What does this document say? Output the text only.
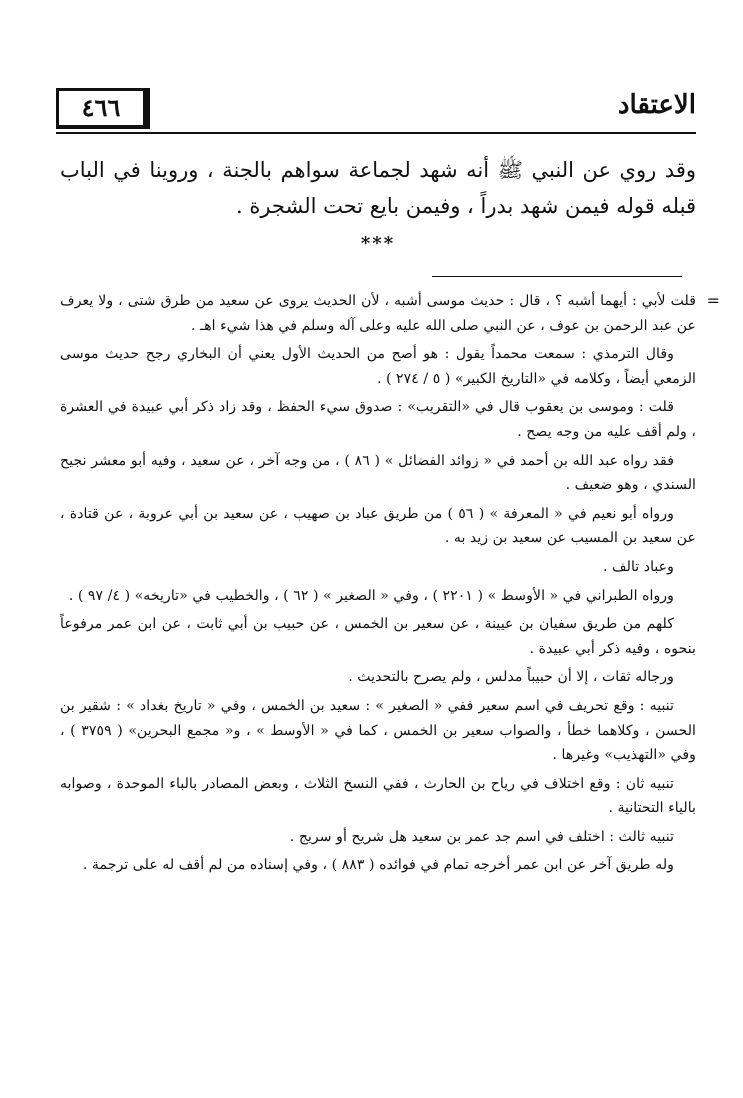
الاعتقاد
٤٦٦

وقد روي عن النبي ﷺ أنه شهد لجماعة سواهم بالجنة ، وروينا في الباب قبله قوله فيمن شهد بدراً ، وفيمن بايع تحت الشجرة .

***
=

قلت لأبي : أيهما أشبه ؟ ، قال : حديث موسى أشبه ، لأن الحديث يروى عن سعيد من طرق شتى ، ولا يعرف عن عبد الرحمن بن عوف ، عن النبي صلى الله عليه وعلى آله وسلم في هذا شيء اهـ .

وقال الترمذي : سمعت محمداً يقول : هو أصح من الحديث الأول يعني أن البخاري رجح حديث موسى الزمعي أيضاً ، وكلامه في «التاريخ الكبير» ( ٥ / ٢٧٤ ) .

قلت : وموسى بن يعقوب قال في «التقريب» : صدوق سيء الحفظ ، وقد زاد ذكر أبي عبيدة في العشرة ، ولم أقف عليه من وجه يصح .

فقد رواه عبد الله بن أحمد في « زوائد الفضائل » ( ٨٦ ) ، من وجه آخر ، عن سعيد ، وفيه أبو معشر نجيح السندي ، وهو ضعيف .

ورواه أبو نعيم في « المعرفة » ( ٥٦ ) من طريق عباد بن صهيب ، عن سعيد بن أبي عروبة ، عن قتادة ، عن سعيد بن المسيب عن سعيد بن زيد به .

وعباد تالف .

ورواه الطبراني في « الأوسط » ( ٢٢٠١ ) ، وفي « الصغير » ( ٦٢ ) ، والخطيب في «تاريخه» ( ٤/ ٩٧ ) .

كلهم من طريق سفيان بن عيينة ، عن سعير بن الخمس ، عن حبيب بن أبي ثابت ، عن ابن عمر مرفوعاً بنحوه ، وفيه ذكر أبي عبيدة .

ورجاله ثقات ، إلا أن حبيباً مدلس ، ولم يصرح بالتحديث .

تنبيه : وقع تحريف في اسم سعير ففي « الصغير » : سعيد بن الخمس ، وفي « تاريخ بغداد » : شقير بن الحسن ، وكلاهما خطأ ، والصواب سعير بن الخمس ، كما في « الأوسط » ، و« مجمع البحرين» ( ٣٧٥٩ ) ، وفي «التهذيب» وغيرها .

تنبيه ثان : وقع اختلاف في رياح بن الحارث ، ففي النسخ الثلاث ، وبعض المصادر بالباء الموحدة ، وصوابه بالياء التحتانية .

تنبيه ثالث : اختلف في اسم جد عمر بن سعيد هل شريح أو سريج .

وله طريق آخر عن ابن عمر أخرجه تمام في فوائده ( ٨٨٣ ) ، وفي إسناده من لم أقف له على ترجمة .
